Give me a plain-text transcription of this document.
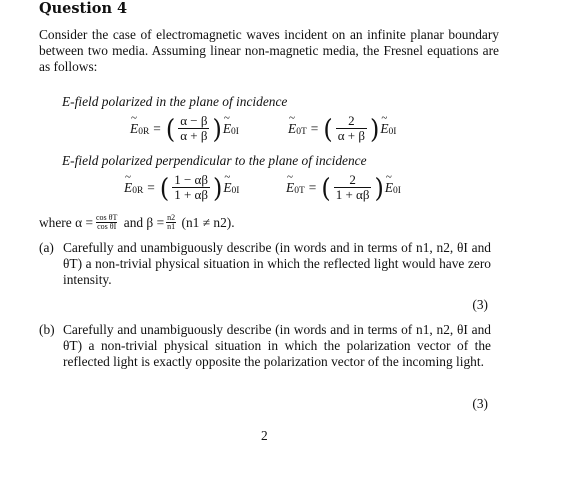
Question 4
Consider the case of electromagnetic waves incident on an infinite planar boundary between two media. Assuming linear non-magnetic media, the Fresnel equations are as follows:
E-field polarized in the plane of incidence
~ E 0R = ( $\frac{\alpha - \beta}{\alpha + \beta}$ ) ~ E 0I	~ E 0T = ( $\frac{2}{\alpha + \beta}$ ) ~ E 0I
E-field polarized perpendicular to the plane of incidence
~ E 0R = ( $\frac{1 - \alpha\beta}{1 + \alpha\beta}$ ) ~ E 0I	~ E 0T = ( $\frac{2}{1 + \alpha\beta}$ ) ~ E 0I
where
$\alpha = \frac{\text{cos θT}}{\text{cos θI}}$
and $\beta = \frac{n2}{n1}$
(n1 ≠ n2).
(a) Carefully and unambiguously describe (in words and in terms of n1, n2, θI and θT) a non-trivial physical situation in which the reflected light would have zero intensity.
(3)
(b) Carefully and unambiguously describe (in words and in terms of n1, n2, θI and θT) a non-trivial physical situation in which the polarization vector of the reflected light is exactly opposite the polarization vector of the incoming light.
(3)
2
